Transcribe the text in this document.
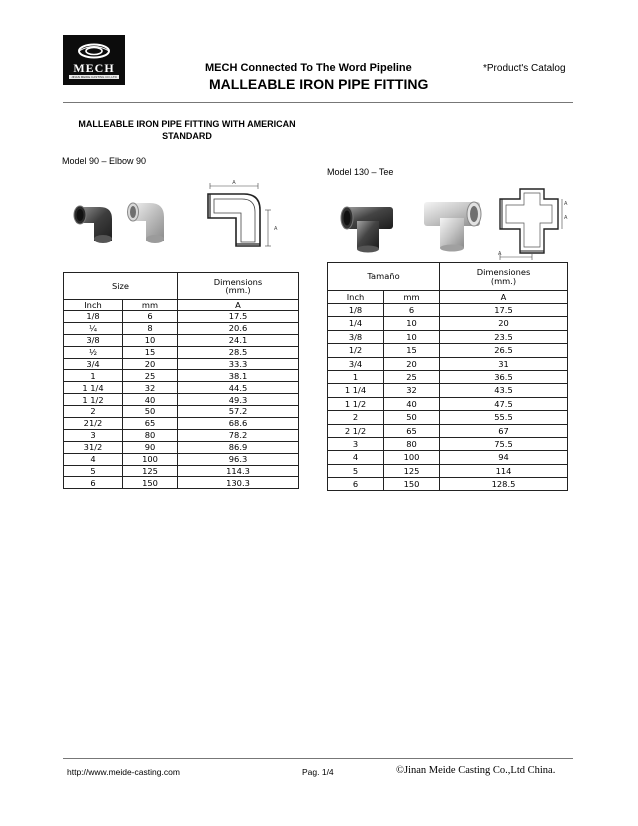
MECH
JINAN MEIDE CASTING CO.,LTD
MECH Connected To The Word Pipeline	*Product's Catalog
MALLEABLE IRON PIPE FITTING
MALLEABLE IRON PIPE FITTING WITH AMERICAN STANDARD
Model 90 – Elbow 90
Model 130 – Tee
A
A
A
A
A
Size		Dimensions (mm.)
Inch	mm	A
1/8	6	17.5
¼	8	20.6
3/8	10	24.1
½	15	28.5
3/4	20	33.3
1	25	38.1
1 1/4	32	44.5
1 1/2	40	49.3
2	50	57.2
21/2	65	68.6
3	80	78.2
31/2	90	86.9
4	100	96.3
5	125	114.3
6	150	130.3
Tamaño		Dimensiones (mm.)
Inch	mm	A
1/8	6	17.5
1/4	10	20
3/8	10	23.5
1/2	15	26.5
3/4	20	31
1	25	36.5
1 1/4	32	43.5
1 1/2	40	47.5
2	50	55.5
2 1/2	65	67
3	80	75.5
4	100	94
5	125	114
6	150	128.5
http://www.meide-casting.com	Pag. 1/4	©Jinan Meide Casting Co.,Ltd China.
